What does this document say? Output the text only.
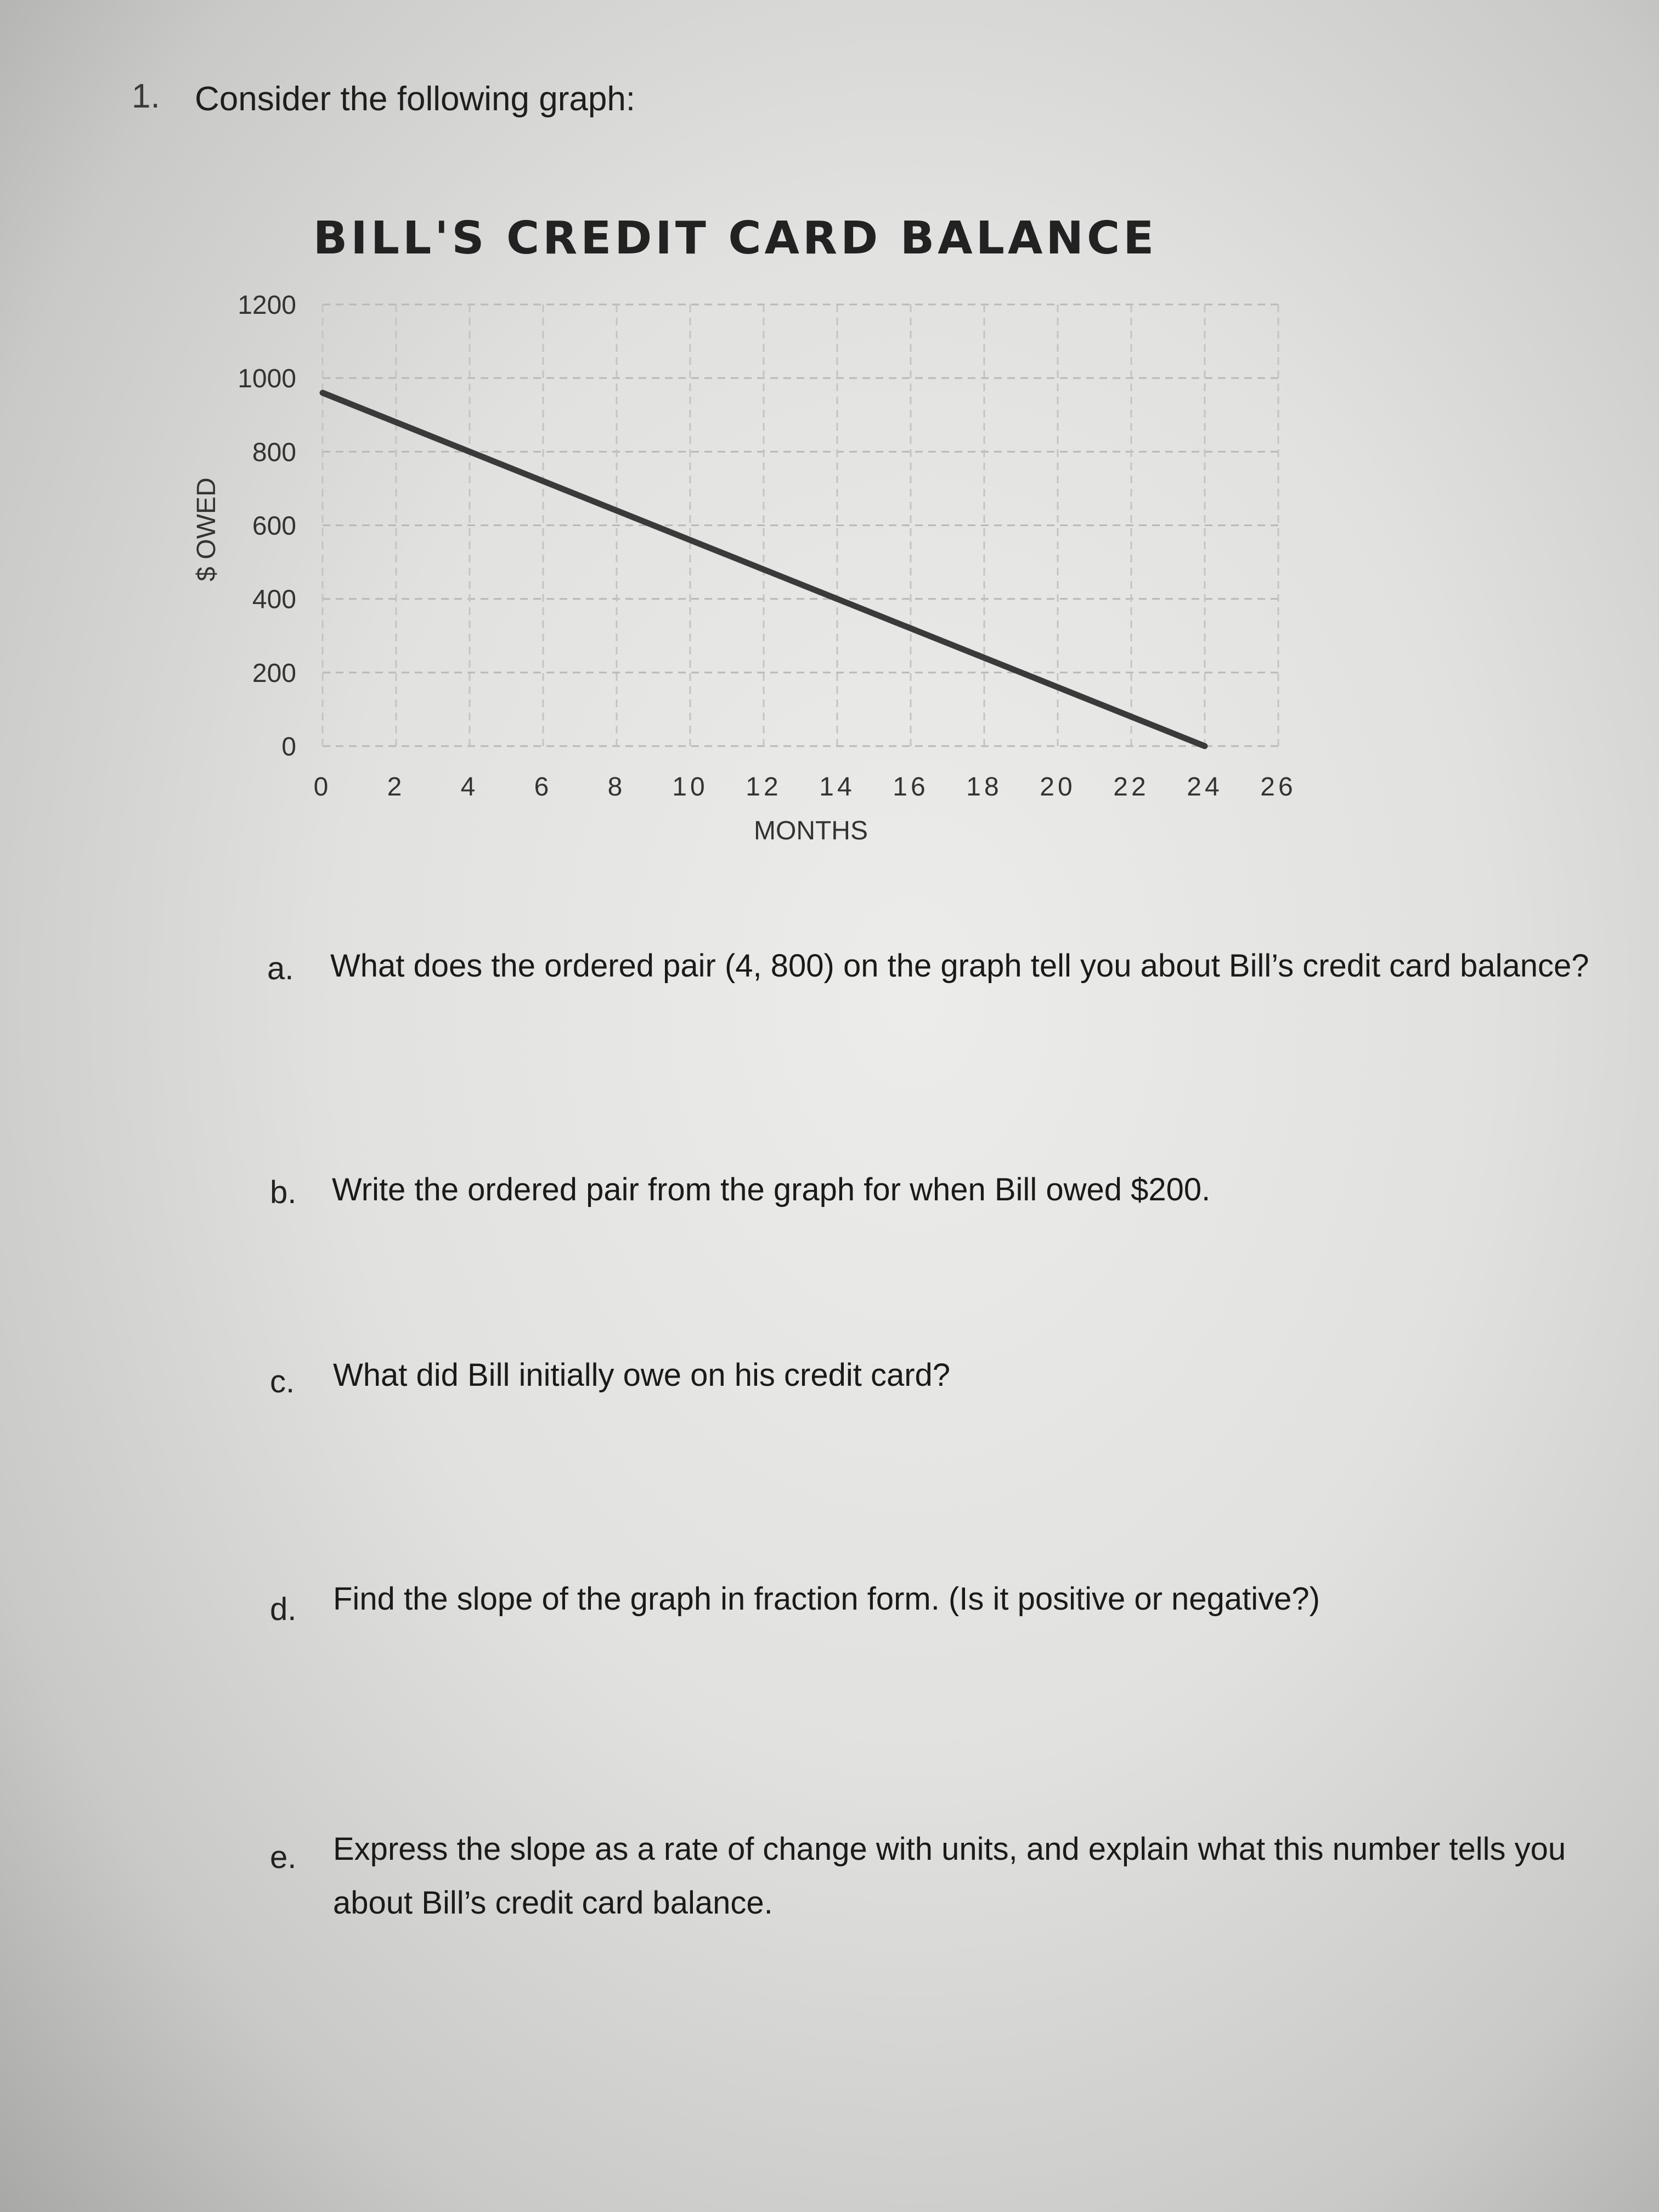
1. Consider the following graph:
BILL'S CREDIT CARD BALANCE
0
200
400
600
800
1000
1200
0 2 4 6 8 10 12 14 16 18 20 22 24 26
MONTHS
$ OWED
a. What does the ordered pair (4, 800) on the graph tell you about Bill’s credit card balance?
b. Write the ordered pair from the graph for when Bill owed $200.
c. What did Bill initially owe on his credit card?
d. Find the slope of the graph in fraction form. (Is it positive or negative?)
e. Express the slope as a rate of change with units, and explain what this number tells you about Bill’s credit card balance.
